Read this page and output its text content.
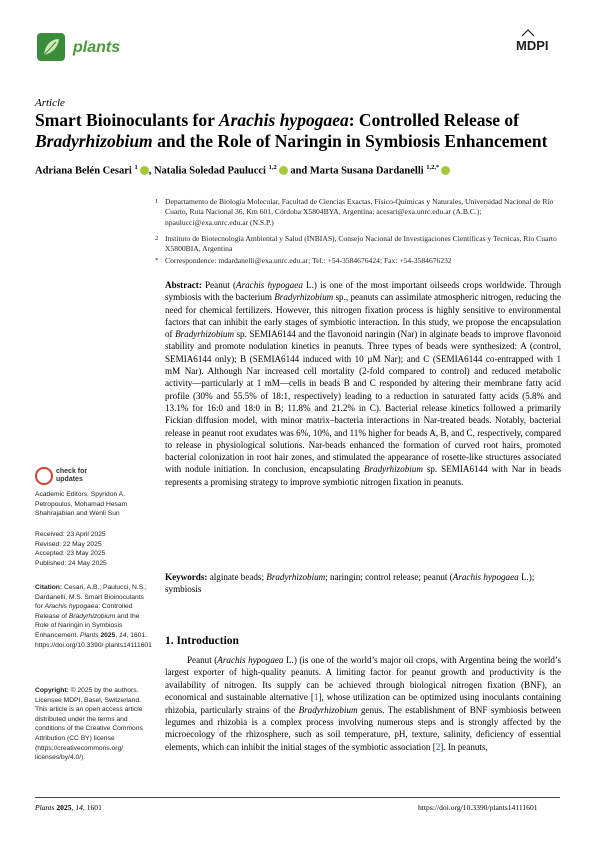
plants	MDPI
Article
Smart Bioinoculants for Arachis hypogaea: Controlled Release of Bradyrhizobium and the Role of Naringin in Symbiosis Enhancement
Adriana Belén Cesari $^1$ , Natalia Soledad Paulucci $^{1,2}$ and Marta Susana Dardanelli $^{1,2,*}$
1 Departamento de Biología Molecular, Facultad de Ciencias Exactas, Físico-Químicas y Naturales, Universidad Nacional de Río Cuarto, Ruta Nacional 36, Km 601, Córdoba X5804BYA, Argentina; acesari@exa.unrc.edu.ar (A.B.C.); npaulucci@exa.unrc.edu.ar (N.S.P.)
2 Instituto de Biotecnología Ambiental y Salud (INBIAS), Consejo Nacional de Investigaciones Científicas y Tecnicas, Río Cuarto X5800BIA, Argentina
* Correspondence: mdardanelli@exa.unrc.edu.ar; Tel.: +54-3584676424; Fax: +54-3584676232
Abstract: Peanut (Arachis hypogaea L.) is one of the most important oilseeds crops worldwide. Through symbiosis with the bacterium Bradyrhizobium sp., peanuts can assimilate atmospheric nitrogen, reducing the need for chemical fertilizers. However, this nitrogen fixation process is highly sensitive to environmental factors that can inhibit the early stages of symbiotic interaction. In this study, we propose the encapsulation of Bradyrhizobium sp. SEMIA6144 and the flavonoid naringin (Nar) in alginate beads to improve flavonoid stability and promote nodulation kinetics in peanuts. Three types of beads were synthesized: A (control, SEMIA6144 only); B (SEMIA6144 induced with 10 µM Nar); and C (SEMIA6144 co-entrapped with 1 mM Nar). Although Nar increased cell mortality (2-fold compared to control) and reduced metabolic activity—particularly at 1 mM—cells in beads B and C responded by altering their membrane fatty acid profile (30% and 55.5% of 18:1, respectively) leading to a reduction in saturated fatty acids (5.8% and 13.1% for 16:0 and 18:0 in B; 11.8% and 21.2% in C). Bacterial release kinetics followed a primarily Fickian diffusion model, with minor matrix–bacteria interactions in Nar-treated beads. Notably, bacterial release in peanut root exudates was 6%, 10%, and 11% higher for beads A, B, and C, respectively, compared to release in physiological solutions. Nar-beads enhanced the formation of curved root hairs, promoted bacterial colonization in root hair zones, and stimulated the appearance of rosette-like structures associated with nodule initiation. In conclusion, encapsulating Bradyrhizobium sp. SEMIA6144 with Nar in beads represents a promising strategy to improve symbiotic nitrogen fixation in peanuts.
Keywords: alginate beads; Bradyrhizobium; naringin; control release; peanut (Arachis hypogaea L.); symbiosis
check for
updates
Academic Editors: Spyridon A. Petropoulos, Mohamad Hesam Shahrajabian and Wenli Sun
Received: 23 April 2025
Revised: 22 May 2025
Accepted: 23 May 2025
Published: 24 May 2025
Citation: Cesari, A.B.; Paulucci, N.S.; Dardanelli, M.S. Smart Bioinoculants for Arachis hypogaea: Controlled Release of Bradyrhizobium and the Role of Naringin in Symbiosis Enhancement. Plants 2025, 14, 1601. https://doi.org/10.3390/ plants14111601
Copyright: © 2025 by the authors. Licensee MDPI, Basel, Switzerland. This article is an open access article distributed under the terms and conditions of the Creative Commons Attribution (CC BY) license (https://creativecommons.org/ licenses/by/4.0/).
1. Introduction
Peanut (Arachis hypogaea L.) (is one of the world’s major oil crops, with Argentina being the world’s largest exporter of high-quality peanuts. A limiting factor for peanut growth and productivity is the availability of nitrogen. Its supply can be achieved through biological nitrogen fixation (BNF), an economical and sustainable alternative [1], whose utilization can be optimized using inoculants containing rhizobia, particularly strains of the Bradyrhizobium genus. The establishment of BNF symbiosis between legumes and rhizobia is a complex process involving numerous steps and is strongly affected by the microecology of the rhizosphere, such as soil temperature, pH, texture, salinity, deficiency of essential elements, which can inhibit the initial stages of the symbiotic association [2]. In peanuts,
Plants 2025, 14, 1601	https://doi.org/10.3390/plants14111601
